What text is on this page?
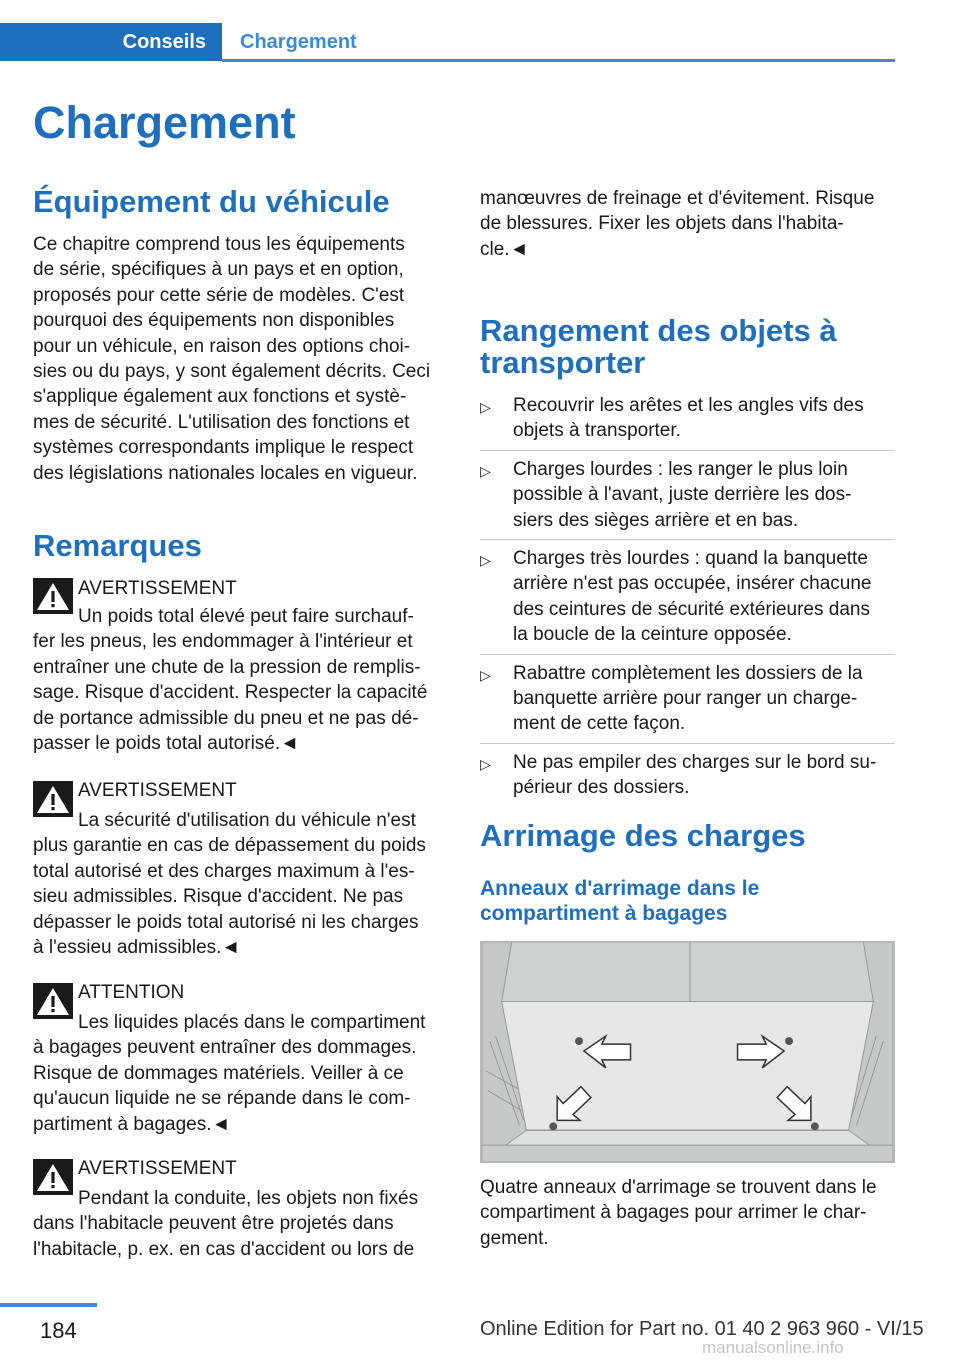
Conseils	Chargement
Chargement
Équipement du véhicule
Ce chapitre comprend tous les équipements
de série, spécifiques à un pays et en option,
proposés pour cette série de modèles. C'est
pourquoi des équipements non disponibles
pour un véhicule, en raison des options choi-
sies ou du pays, y sont également décrits. Ceci
s'applique également aux fonctions et systè-
mes de sécurité. L'utilisation des fonctions et
systèmes correspondants implique le respect
des législations nationales locales en vigueur.
Remarques
AVERTISSEMENT
Un poids total élevé peut faire surchauf-
fer les pneus, les endommager à l'intérieur et
entraîner une chute de la pression de remplis-
sage. Risque d'accident. Respecter la capacité
de portance admissible du pneu et ne pas dé-
passer le poids total autorisé.◄
AVERTISSEMENT
La sécurité d'utilisation du véhicule n'est
plus garantie en cas de dépassement du poids
total autorisé et des charges maximum à l'es-
sieu admissibles. Risque d'accident. Ne pas
dépasser le poids total autorisé ni les charges
à l'essieu admissibles.◄
ATTENTION
Les liquides placés dans le compartiment
à bagages peuvent entraîner des dommages.
Risque de dommages matériels. Veiller à ce
qu'aucun liquide ne se répande dans le com-
partiment à bagages.◄
AVERTISSEMENT
Pendant la conduite, les objets non fixés
dans l'habitacle peuvent être projetés dans
l'habitacle, p. ex. en cas d'accident ou lors de
manœuvres de freinage et d'évitement. Risque
de blessures. Fixer les objets dans l'habita-
cle.◄
Rangement des objets à
transporter
▷ Recouvrir les arêtes et les angles vifs des
objets à transporter.
▷ Charges lourdes : les ranger le plus loin
possible à l'avant, juste derrière les dos-
siers des sièges arrière et en bas.
▷ Charges très lourdes : quand la banquette
arrière n'est pas occupée, insérer chacune
des ceintures de sécurité extérieures dans
la boucle de la ceinture opposée.
▷ Rabattre complètement les dossiers de la
banquette arrière pour ranger un charge-
ment de cette façon.
▷ Ne pas empiler des charges sur le bord su-
périeur des dossiers.
Arrimage des charges
Anneaux d'arrimage dans le
compartiment à bagages
Quatre anneaux d'arrimage se trouvent dans le
compartiment à bagages pour arrimer le char-
gement.
184	Online Edition for Part no. 01 40 2 963 960 - VI/15
manualsonline.info
